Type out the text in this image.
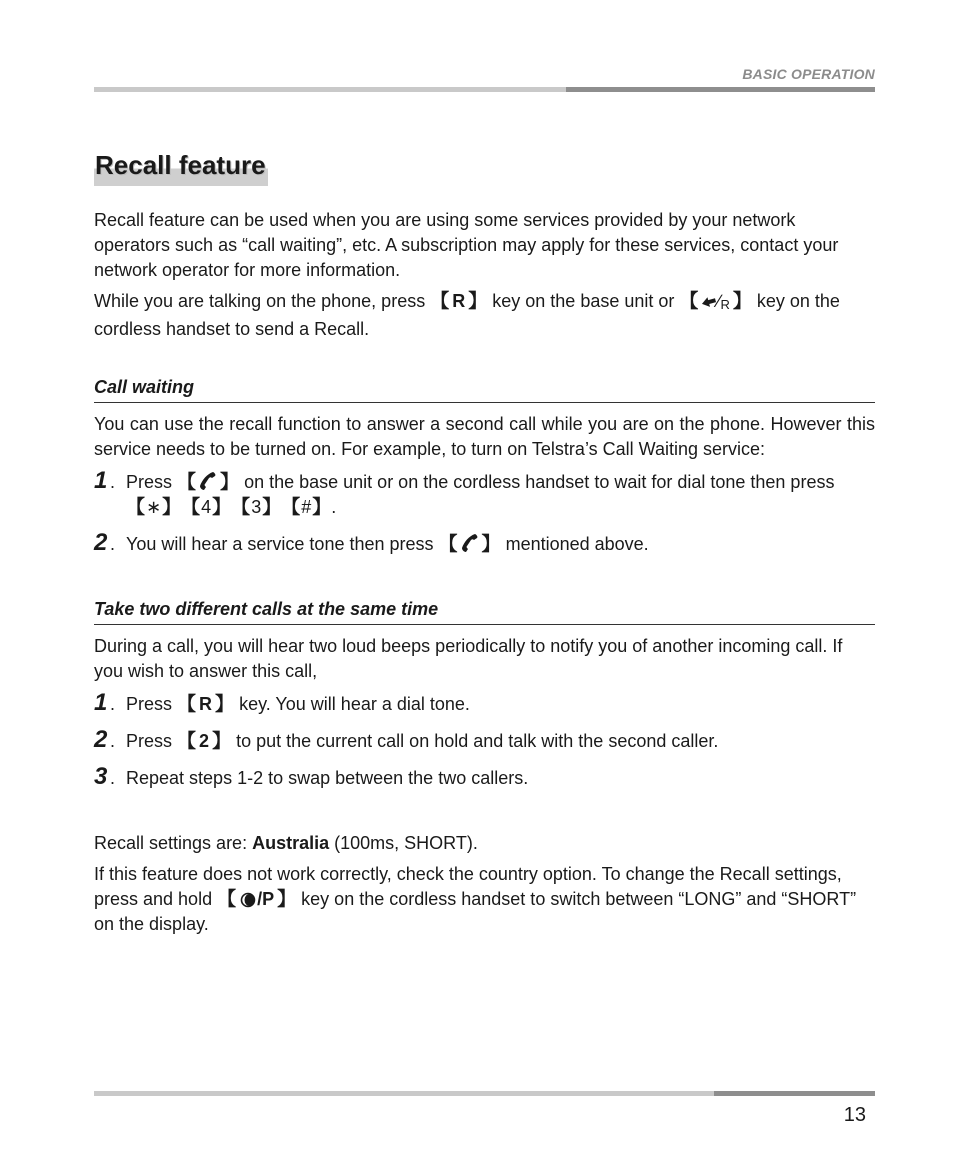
BASIC OPERATION
Recall feature

Recall feature can be used when you are using some services provided by your network operators such as “call waiting”, etc. A subscription may apply for these services, contact your network operator for more information.

While you are talking on the phone, press 【 R 】 key on the base unit or 【 ∕R 】 key on the cordless handset to send a Recall.

Call waiting

You can use the recall function to answer a second call while you are on the phone. However this service needs to be turned on. For example, to turn on Telstra’s Call Waiting service:

1 . Press 【 】 on the base unit or on the cordless handset to wait for dial tone then press 【∗】【4】【3】【#】.
2 . You will hear a service tone then press 【 】 mentioned above.
Take two different calls at the same time

During a call, you will hear two loud beeps periodically to notify you of another incoming call. If you wish to answer this call,

1 . Press 【 R 】 key. You will hear a dial tone.
2 . Press 【 2 】 to put the current call on hold and talk with the second caller.
3 . Repeat steps 1-2 to swap between the two callers.

Recall settings are: Australia (100ms, SHORT).

If this feature does not work correctly, check the country option. To change the Recall settings, press and hold 【 /P 】 key on the cordless handset to switch between “LONG” and “SHORT” on the display.

13
